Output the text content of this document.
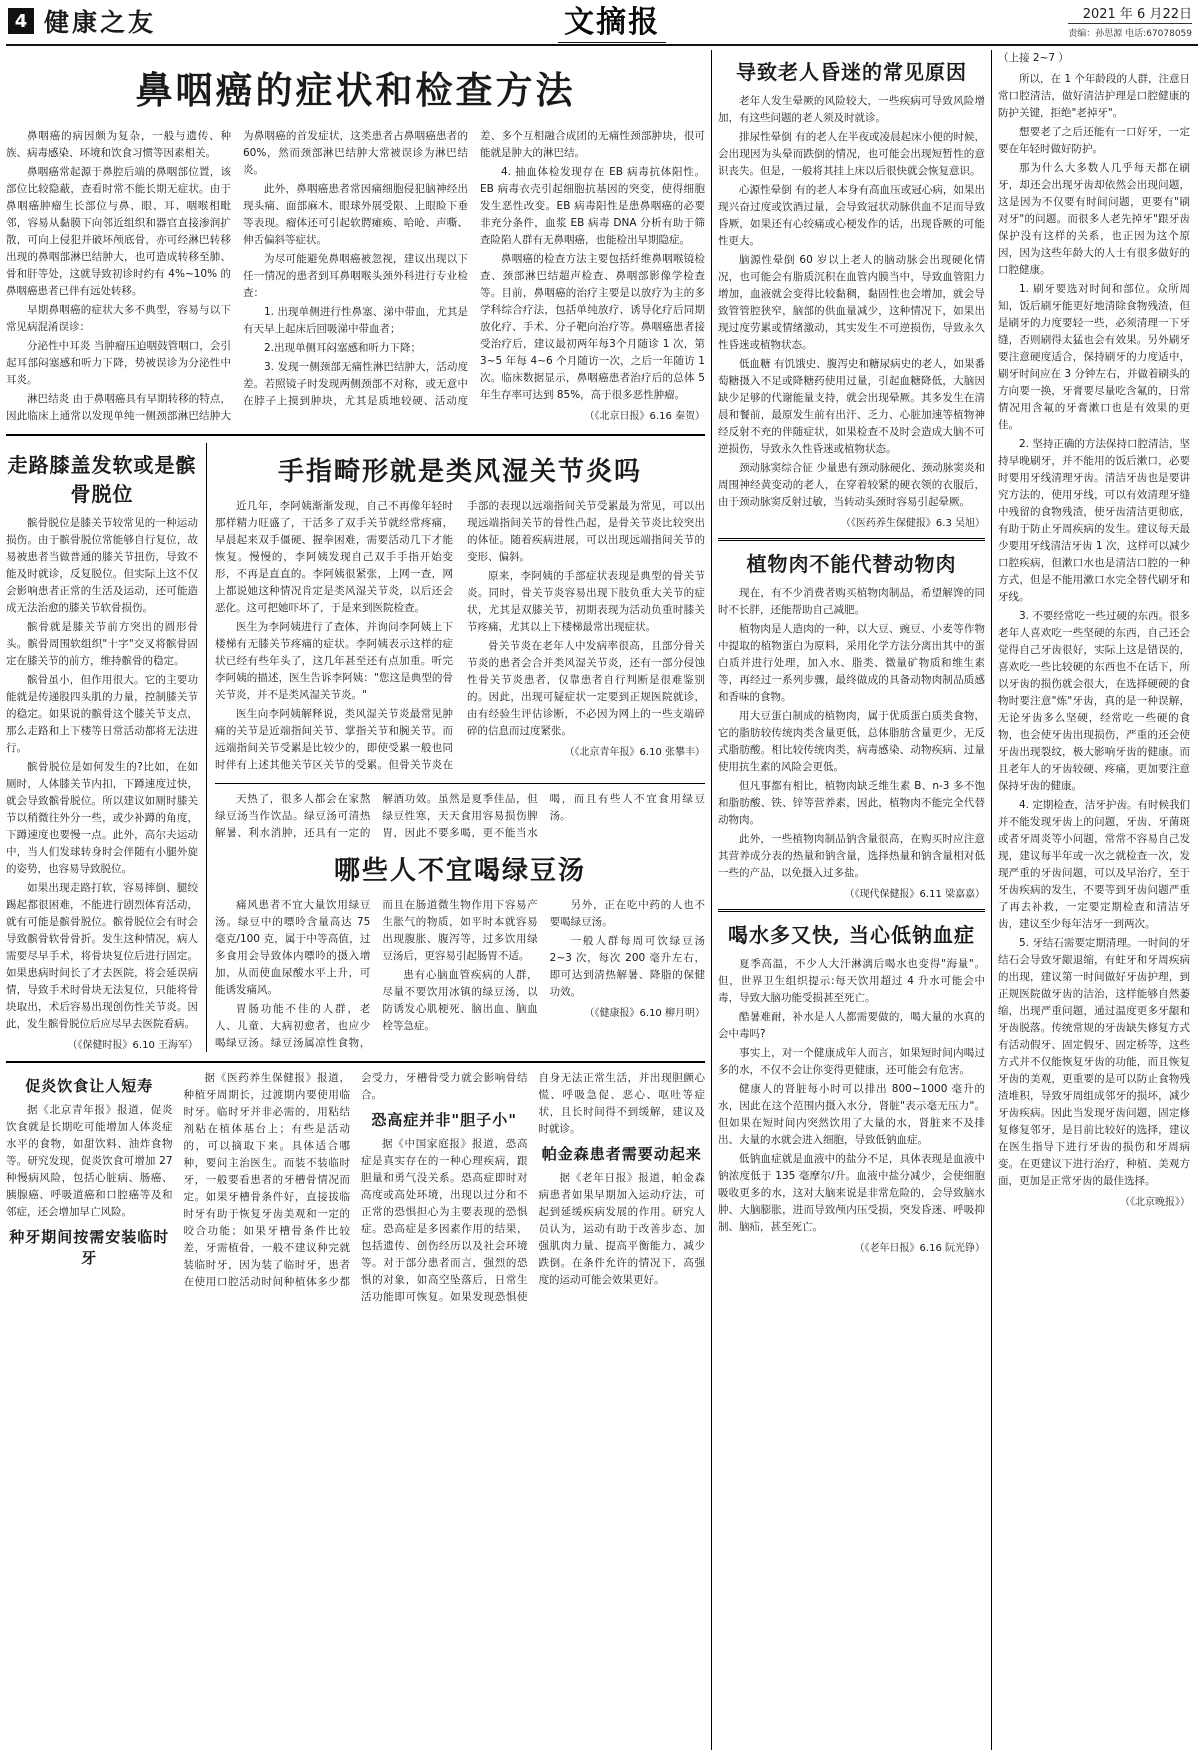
4 健康之友	文摘报	2021 年 6 月22日
责编：孙思源 电话:67078059
鼻咽癌的症状和检查方法

鼻咽癌的病因颇为复杂，一般与遗传、种族、病毒感染、环境和饮食习惯等因素相关。

鼻咽癌常起源于鼻腔后端的鼻咽部位置，该部位比较隐蔽，查看时常不能长期无症状。由于鼻咽癌肿瘤生长部位与鼻、眼、耳、咽喉相毗邻，容易从黏膜下向邻近组织和器官直接渗润扩散，可向上侵犯并破坏颅底骨，亦可经淋巴转移出现的鼻咽部淋巴结肿大，也可造成转移至肺、骨和肝等处，这就导致初诊时约有 4%~10% 的鼻咽癌患者已伴有远处转移。

早期鼻咽癌的症状大多不典型，容易与以下常见病混淆误诊：

分泌性中耳炎 当肿瘤压迫咽鼓管咽口，会引起耳部闷塞感和听力下降，势被误诊为分泌性中耳炎。

淋巴结炎 由于鼻咽癌具有早期转移的特点，因此临床上通常以发现单纯一侧颈部淋巴结肿大为鼻咽癌的首发症状，这类患者占鼻咽癌患者的 60%，然而颈部淋巴结肿大常被误诊为淋巴结炎。

此外，鼻咽癌患者常因痛细胞侵犯脑神经出现头痛、面部麻木、眼球外展受限、上眼睑下垂等表现。瘤体还可引起软腭瘫痪、哈呛、声嘶、伸舌偏斜等症状。

为尽可能避免鼻咽癌被忽视，建议出现以下任一情况的患者到耳鼻咽喉头颈外科进行专业检查：

1. 出现单侧进行性鼻塞、涕中带血，尤其是有天早上起床后回吸涕中带血者；

2.出现单侧耳闷塞感和听力下降；

3. 发现一侧颈部无痛性淋巴结肿大，活动度差。若照镜子时发现两侧颈部不对称，或无意中在脖子上摸到肿块，尤其是质地较硬、活动度差、多个互相融合成团的无痛性颈部肿块，很可能就是肿大的淋巴结。

4. 抽血体检发现存在 EB 病毒抗体阳性。EB 病毒衣壳引起细胞抗基因的突变，使得细胞发生恶性改变。EB 病毒阳性是患鼻咽癌的必要非充分条件，血浆 EB 病毒 DNA 分析有助于筛查险陷人群有无鼻咽癌，也能检出早期隐症。

鼻咽癌的检查方法主要包括纤维鼻咽喉镜检查、颈部淋巴结超声检查、鼻咽部影像学检查等。目前，鼻咽癌的治疗主要是以放疗为主的多学科综合疗法，包括单纯放疗、诱导化疗后同期放化疗、手术、分子靶向治疗等。鼻咽癌患者接受治疗后，建议最初两年每3个月随诊 1 次，第 3~5 年每 4~6 个月随访一次，之后一年随访 1 次。临床数据显示，鼻咽癌患者治疗后的总体 5 年生存率可达到 85%，高于很多恶性肿瘤。

（《北京日报》6.16 秦贺）
走路膝盖发软或是髌骨脱位

髌骨脱位是膝关节较常见的一种运动损伤。由于髌骨脱位常能够自行复位，故易被患者当做普通的膝关节扭伤，导致不能及时就诊，反复脱位。但实际上这不仅会影响患者正常的生活及运动，还可能造成无法治愈的膝关节软骨损伤。

髌骨就是膝关节前方突出的圆形骨头。髌骨周围软组织"十字"交叉将髌骨固定在膝关节的前方，维持髌骨的稳定。

髌骨虽小，但作用很大。它的主要功能就是传递股四头肌的力量，控制膝关节的稳定。如果说的髌骨这个膝关节支点，那么走路和上下楼等日常活动都将无法进行。

髌骨脱位是如何发生的?比如，在如厕时，人体膝关节内扣，下蹲速度过快，就会导致髌骨脱位。所以建议如厕时膝关节以稍微往外分一些，或少补蹲的角度，下蹲速度也要慢一点。此外，高尔夫运动中，当人们发球转身时会伴随有小腿外旋的姿势，也容易导致脱位。

如果出现走路打软，容易摔倒、腿绞踢起都很困难，不能进行剧烈体育活动，就有可能是髌骨脱位。髌骨脱位会有时会导致髌骨软骨骨折。发生这种情况，病人需要尽早手术，将骨块复位后进行固定。如果患病时间长了才去医院，将会延误病情，导致手术时骨块无法复位，只能将骨块取出，术后容易出现创伤性关节炎。因此，发生髌骨脱位后应尽早去医院看病。

（《保健时报》6.10 王海军）
手指畸形就是类风湿关节炎吗

近几年，李阿姨渐渐发现，自己不再像年轻时那样精力旺盛了，干活多了双手关节就经常疼痛，早晨起来双手僵硬、握拳困难，需要活动几下才能恢复。慢慢的，李阿姨发现自己双手手指开始变形，不再是直直的。李阿姨很紧张，上网一查，网上都说她这种情况肯定是类风湿关节炎，以后还会恶化。这可把她吓坏了，于是来到医院检查。

医生为李阿姨进行了查体，并询问李阿姨上下楼梯有无膝关节疼痛的症状。李阿姨表示这样的症状已经有些年头了，这几年甚至还有点加重。听完李阿姨的描述，医生告诉李阿姨："您这是典型的骨关节炎，并不是类风湿关节炎。"

医生向李阿姨解释说，类风湿关节炎最常见肿痛的关节是近端指间关节、掌指关节和腕关节。而远端指间关节受累是比较少的，即使受累一般也同时伴有上述其他关节区关节的受累。但骨关节炎在手部的表现以远端指间关节受累最为常见，可以出现远端指间关节的骨性凸起，是骨关节炎比较突出的体征。随着疾病进展，可以出现远端指间关节的变形、偏斜。

原来，李阿姨的手部症状表现是典型的骨关节炎。同时，骨关节炎容易出现下肢负重大关节的症状，尤其是双膝关节，初期表现为活动负重时膝关节疼痛，尤其以上下楼梯最常出现症状。

骨关节炎在老年人中发病率很高，且部分骨关节炎的患者会合并类风湿关节炎，还有一部分侵蚀性骨关节炎患者，仅靠患者自行判断是很难鉴别的。因此，出现可疑症状一定要到正规医院就诊，由有经验生评估诊断，不必因为网上的一些支端碎碎的信息而过度紧张。

（《北京青年报》6.10 张攀丰）

天热了，很多人都会在家熬绿豆汤当作饮品。绿豆汤可清热解暑、利水消肿，还具有一定的解酒功效。虽然是夏季佳品，但绿豆性寒，天天食用容易损伤脾胃，因此不要多喝，更不能当水喝，而且有些人不宜食用绿豆汤。

哪些人不宜喝绿豆汤

痛风患者不宜大量饮用绿豆汤。绿豆中的嘌呤含量高达 75 毫克/100 克，属于中等高值，过多食用会导致体内嘌呤的摄入增加，从而使血尿酸水平上升，可能诱发痛风。

胃肠功能不佳的人群，老人、儿童、大病初愈者，也应少喝绿豆汤。绿豆汤属凉性食物，而且在肠道微生物作用下容易产生胀气的物质，如平时本就容易出现腹胀、腹泻等，过多饮用绿豆汤后，更容易引起肠胃不适。

患有心脑血管疾病的人群，尽量不要饮用冰镇的绿豆汤，以防诱发心肌梗死、脑出血、脑血栓等急症。

另外，正在吃中药的人也不要喝绿豆汤。

一般人群每周可饮绿豆汤 2~3 次，每次 200 毫升左右，即可达到清热解暑、降脂的保健功效。

（《健康报》6.10 柳月明）
促炎饮食让人短寿

据《北京青年报》报道，促炎饮食就是长期吃可能增加人体炎症水平的食物，如甜饮料、油炸食物等。研究发现，促炎饮食可增加 27 种慢病风险，包括心脏病、肠癌、胰腺癌、呼吸道癌和口腔癌等及和邻症，还会增加早亡风险。

种牙期间按需安装临时牙

据《医药养生保健报》报道，种植牙周期长，过渡期内要使用临时牙。临时牙并非必需的，用粘结剂粘在植体基台上；有些是活动的，可以摘取下来。具体适合哪种，要问主治医生。而装不装临时牙，一般要看患者的牙槽骨情况而定。如果牙槽骨条件好，直接拔临时牙有助于恢复牙齿美观和一定的咬合功能；如果牙槽骨条件比较差，牙需植骨，一般不建议种完就装临时牙，因为装了临时牙，患者在使用口腔活动时间种植体多少都会受力，牙槽骨受力就会影响骨结合。

恐高症并非"胆子小"

据《中国家庭报》报道，恐高症是真实存在的一种心理疾病，跟胆量和勇气没关系。恐高症即时对高度或高处环境，出现以过分和不正常的恐惧担心为主要表现的恐惧症。恐高症是多因素作用的结果，包括遗传、创伤经历以及社会环境等。对于部分患者而言，强烈的恐惧的对象，如高空坠落后，日常生活功能即可恢复。如果发现恐惧使自身无法正常生活，并出现胆颤心慌、呼吸急促、恶心、呕吐等症状，且长时间得不到缓解，建议及时就诊。

帕金森患者需要动起来

据《老年日报》报道，帕金森病患者如果早期加入运动疗法，可起到延缓疾病发展的作用。研究人员认为，运动有助于改善步态、加强肌肉力量、提高平衡能力、减少跌倒。在条件允许的情况下，高强度的运动可能会效果更好。

导致老人昏迷的常见原因

老年人发生晕厥的风险较大，一些疾病可导致风险增加，有这些问题的老人须及时就诊。

排尿性晕倒 有的老人在半夜或凌晨起床小便的时候，会出现因为头晕而跌倒的情况，也可能会出现短暂性的意识丧失。但是，一般将其挂上床以后很快就会恢复意识。

心源性晕倒 有的老人本身有高血压或冠心病，如果出现兴奋过度或饮酒过量，会导致冠状动脉供血不足而导致昏厥，如果还有心绞痛或心梗发作的话，出现昏厥的可能性更大。

脑源性晕倒 60 岁以上老人的脑动脉会出现硬化情况，也可能会有脂质沉积在血管内膜当中，导致血管阻力增加，血液就会变得比较黏稠，黏固性也会增加，就会导致管管腔狭窄，脑部的供血量减少，这种情况下，如果出现过度劳累或情绪激动，其实发生不可逆损伤，导致永久性昏迷或植物状态。

低血糖 有饥饿史、腹泻史和糖尿病史的老人，如果番萄糖摄入不足或降糖药使用过量，引起血糖降低，大脑因缺少足够的代谢能量支持，就会出现晕厥。其多发生在清晨和餐前，最原发生前有出汗、乏力、心脏加速等植物神经反射不充的伴随症状，如果检查不及时会造成大脑不可逆损伤，导致永久性昏迷或植物状态。

颈动脉窦综合征 少量患有颈动脉硬化、颈动脉窦炎和周围神经黄变动的老人，在穿着较紧的硬衣领的衣服后，由于颈动脉窦反射过敏，当转动头颈时容易引起晕厥。

（《医药养生保健报》6.3 吴旭）
植物肉不能代替动物肉

现在，有不少消费者购买植物肉制品，希望解馋的同时不长胖，还能帮助自己减肥。

植物肉是人造肉的一种，以大豆、豌豆、小麦等作物中提取的植物蛋白为原料，采用化学方法分离出其中的蛋白质并进行处理，加入水、脂类、微量矿物质和维生素等，再经过一系列步骤，最终做成的具备动物肉制品质感和香味的食物。

用大豆蛋白制成的植物肉，属于优质蛋白质类食物，它的脂肪较传统肉类含量更低，总体脂肪含量更少，无反式脂肪酸。相比较传统肉类，病毒感染、动物疾病、过量使用抗生素的风险会更低。

但凡事都有相比，植物肉缺乏维生素 B、n-3 多不饱和脂肪酸、铁、锌等营养素，因此，植物肉不能完全代替动物肉。

此外，一些植物肉制品钠含量很高，在购买时应注意其营养成分表的热量和钠含量，选择热量和钠含量相对低一些的产品，以免摄入过多盐。

（《现代保健报》6.11 梁嘉嘉）
喝水多又快, 当心低钠血症

夏季高温，不少人大汗淋漓后喝水也变得"海量"。但，世界卫生组织提示:每天饮用超过 4 升水可能会中毒，导致大脑功能受损甚至死亡。

酷暑难耐，补水是人人都需要做的，喝大量的水真的会中毒吗?

事实上，对一个健康成年人而言，如果短时间内喝过多的水，不仅不会让你变得更健康，还可能会有危害。

健康人的肾脏每小时可以排出 800~1000 毫升的水，因此在这个范围内摄入水分，肾脏"表示毫无压力"。但如果在短时间内突然饮用了大量的水，肾脏来不及排出、大量的水就会进入细胞，导致低钠血症。

低钠血症就是血液中的盐分不足，具体表现是血液中钠浓度低于 135 毫摩尔/升。血液中盐分减少，会使细胞吸收更多的水，这对大脑来说是非常危险的，会导致脑水肿、大脑膨胀，进而导致颅内压受损，突发昏迷、呼吸抑制、脑疝，甚至死亡。

（《老年日报》6.16 阮光铮）
（上接 2~7 ）

所以，在 1 个年龄段的人群，注意日常口腔清洁，做好清洁护理是口腔健康的防护关键，拒绝"老掉牙"。

想要老了之后还能有一口好牙，一定要在年轻时做好防护。

那为什么大多数人几乎每天都在刷牙，却还会出现牙齿却依然会出现问题，这是因为不仅要有时间问题，更要有"刷对牙"的问题。而很多人老先掉牙"跟牙齿保护没有这样的关系，也正因为这个原因，因为这些年龄大的人士有很多做好的口腔健康。

1. 刷牙要选对时间和部位。众所周知，饭后刷牙能更好地清除食物残渣，但是刷牙的力度要轻一些，必须清理一下牙缝，否则刷得太猛也会有效果。另外刷牙要注意硬度适合，保持刷牙的力度适中，刷牙时间应在 3 分钟左右，并做着刷头的方向要一换，牙膏要尽量吃含氟的，日常情况用含氟的牙膏漱口也是有效果的更佳。

2. 坚持正确的方法保持口腔清洁，坚持早晚刷牙，并不能用的饭后漱口，必要时要用牙线清理牙齿。清洁牙齿也是要讲究方法的，使用牙线，可以有效清理牙缝中残留的食物残渣，使牙齿清洁更彻底，有助于防止牙周疾病的发生。建议每天最少要用牙线清洁牙齿 1 次，这样可以减少口腔疾病，但漱口水也是清洁口腔的一种方式，但是不能用漱口水完全替代刷牙和牙线。

3. 不要经常吃一些过硬的东西。很多老年人喜欢吃一些坚硬的东西，自己还会觉得自己牙齿很好，实际上这是错误的，喜欢吃一些比较硬的东西也不在话下，所以牙齿的损伤就会很大，在选择硬硬的食物时要注意"炼"牙齿，真的是一种误解，无论牙齿多么坚硬，经常吃一些硬的食物，也会使牙齿出现损伤，严重的还会使牙齿出现裂纹，极大影响牙齿的健康。而且老年人的牙齿较硬、疼痛，更加要注意保持牙齿的健康。

4. 定期检查，洁牙护齿。有时候我们并不能发现牙齿上的问题，牙齿、牙菌斑或者牙周炎等小问题，常常不容易自己发现，建议每半年或一次之就检查一次，发现严重的牙齿问题，可以及早治疗，至于牙齿疾病的发生，不要等到牙齿问题严重了再去补救，一定要定期检查和清洁牙齿，建议至少每年洁牙一到两次。

5. 牙结石需要定期清理。一时间的牙结石会导致牙龈退缩，有蛀牙和牙周疾病的出现，建议第一时间做好牙齿护理，到正规医院做牙齿的洁治，这样能够自然萎缩，出现严重问题，通过温度更多牙龈和牙齿脱落。传统常规的牙齿缺失修复方式有活动假牙、固定假牙、固定桥等，这些方式并不仅能恢复牙齿的功能，而且恢复牙齿的美观，更重要的是可以防止食物残渣堆积，导致牙周组成邻牙的损坏，减少牙齿疾病。因此当发现牙齿问题，固定修复修复邻牙，是目前比较好的选择，建议在医生指导下进行牙齿的损伤和牙周病变。在更建议下进行治疗，种植、美观方面，更加是正常牙齿的最佳选择。

（《北京晚报》）
